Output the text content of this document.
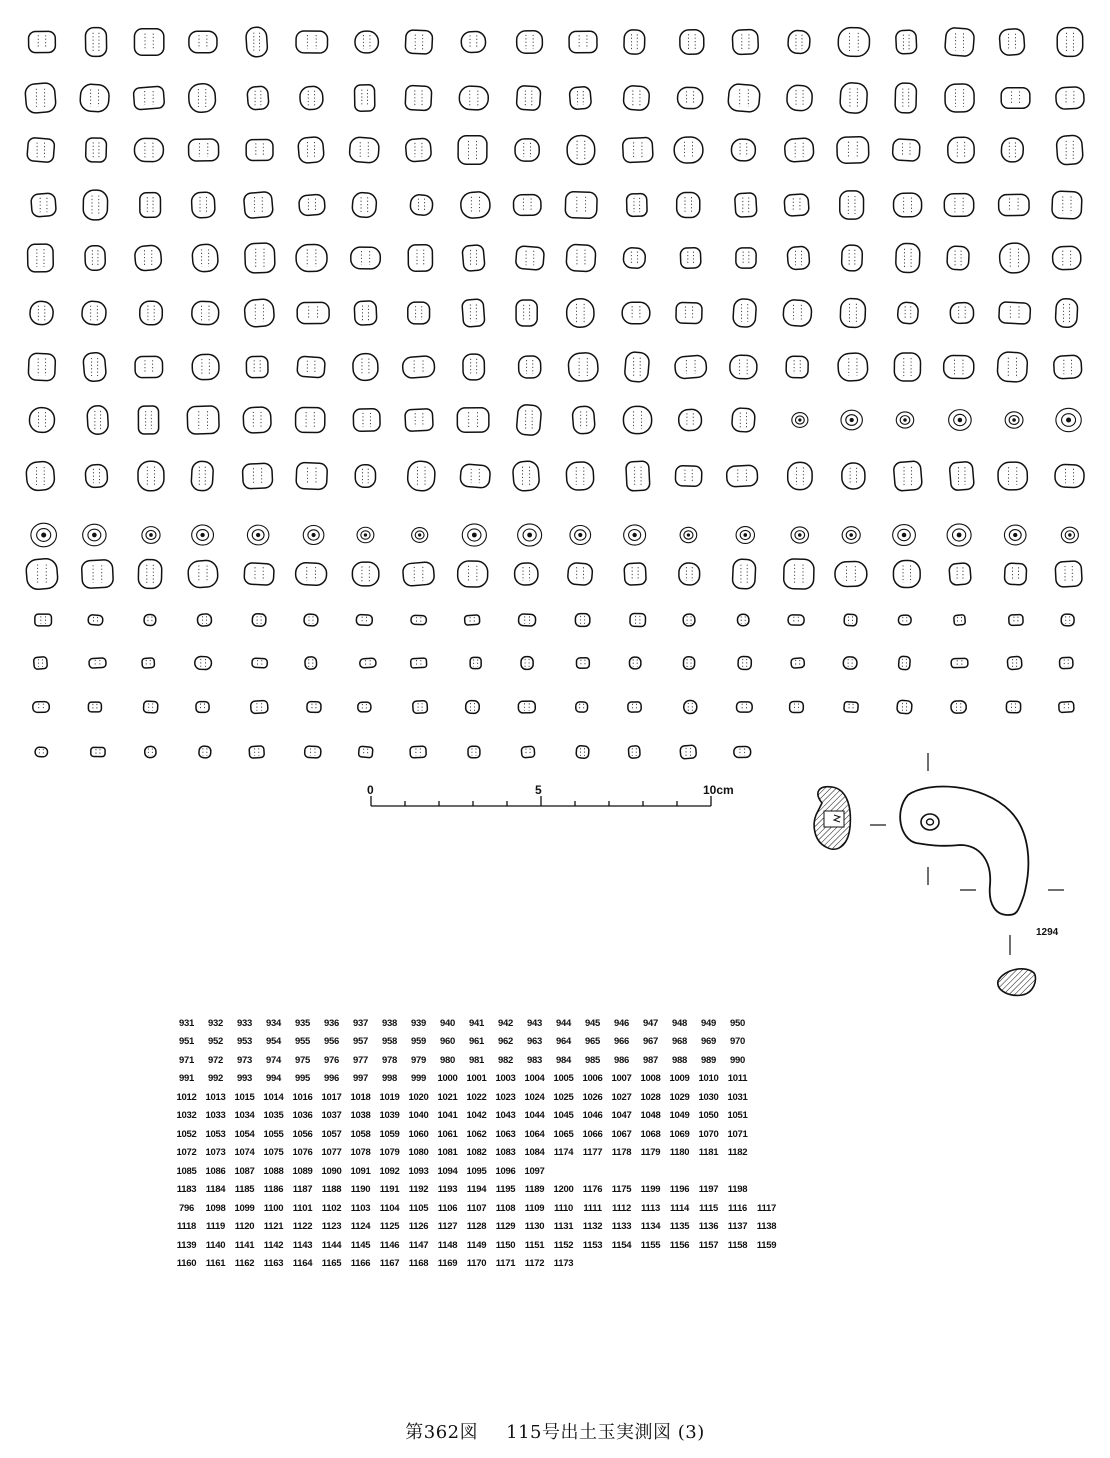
0	5	10cm
1294
931	932	933	934	935	936	937	938	939	940	941	942	943	944	945	946	947	948	949	950	
951	952	953	954	955	956	957	958	959	960	961	962	963	964	965	966	967	968	969	970	
971	972	973	974	975	976	977	978	979	980	981	982	983	984	985	986	987	988	989	990	
991	992	993	994	995	996	997	998	999	1000	1001	1003	1004	1005	1006	1007	1008	1009	1010	1011	
1012	1013	1015	1014	1016	1017	1018	1019	1020	1021	1022	1023	1024	1025	1026	1027	1028	1029	1030	1031	
1032	1033	1034	1035	1036	1037	1038	1039	1040	1041	1042	1043	1044	1045	1046	1047	1048	1049	1050	1051	
1052	1053	1054	1055	1056	1057	1058	1059	1060	1061	1062	1063	1064	1065	1066	1067	1068	1069	1070	1071	
1072	1073	1074	1075	1076	1077	1078	1079	1080	1081	1082	1083	1084	1174	1177	1178	1179	1180	1181	1182	
1085	1086	1087	1088	1089	1090	1091	1092	1093	1094	1095	1096	1097								
1183	1184	1185	1186	1187	1188	1190	1191	1192	1193	1194	1195	1189	1200	1176	1175	1199	1196	1197	1198	
796	1098	1099	1100	1101	1102	1103	1104	1105	1106	1107	1108	1109	1110	1111	1112	1113	1114	1115	1116	1117
1118	1119	1120	1121	1122	1123	1124	1125	1126	1127	1128	1129	1130	1131	1132	1133	1134	1135	1136	1137	1138
1139	1140	1141	1142	1143	1144	1145	1146	1147	1148	1149	1150	1151	1152	1153	1154	1155	1156	1157	1158	1159
1160	1161	1162	1163	1164	1165	1166	1167	1168	1169	1170	1171	1172	1173							
第362図 115号出土玉実測図 (3)
